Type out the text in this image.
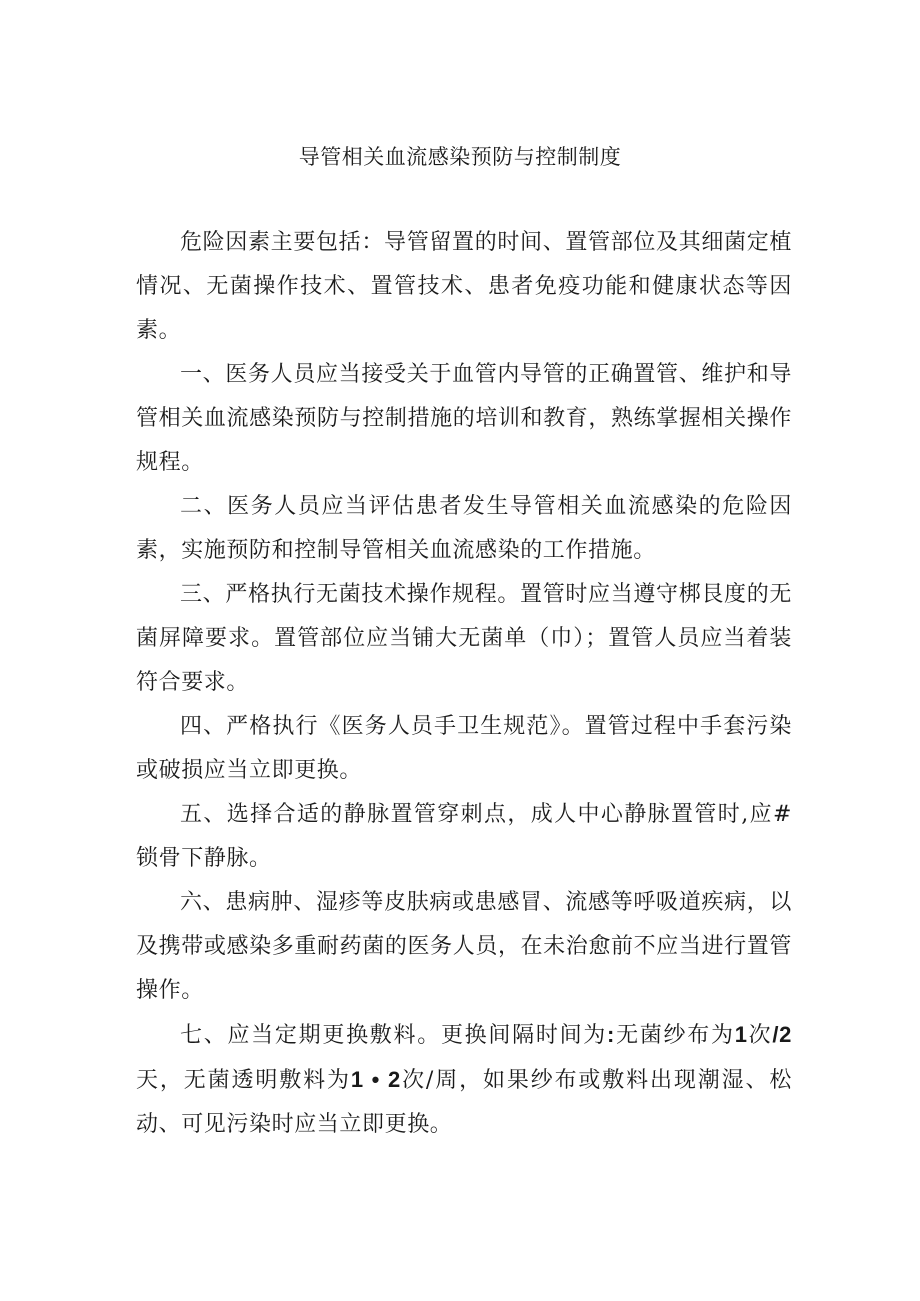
导管相关血流感染预防与控制制度

危险因素主要包括：导管留置的时间、置管部位及其细菌定植情况、无菌操作技术、置管技术、患者免疫功能和健康状态等因素。

一、医务人员应当接受关于血管内导管的正确置管、维护和导管相关血流感染预防与控制措施的培训和教育，熟练掌握相关操作规程。

二、医务人员应当评估患者发生导管相关血流感染的危险因素，实施预防和控制导管相关血流感染的工作措施。

三、严格执行无菌技术操作规程。置管时应当遵守梆艮度的无菌屏障要求。置管部位应当铺大无菌单（巾）；置管人员应当着装符合要求。

四、严格执行《医务人员手卫生规范》。置管过程中手套污染或破损应当立即更换。

五、选择合适的静脉置管穿刺点，成人中心静脉置管时,应#锁骨下静脉。

六、患病肿、湿疹等皮肤病或患感冒、流感等呼吸道疾病，以及携带或感染多重耐药菌的医务人员，在未治愈前不应当进行置管操作。

七、应当定期更换敷料。更换间隔时间为:无菌纱布为1次/2天，无菌透明敷料为1 • 2次/周，如果纱布或敷料出现潮湿、松动、可见污染时应当立即更换。
